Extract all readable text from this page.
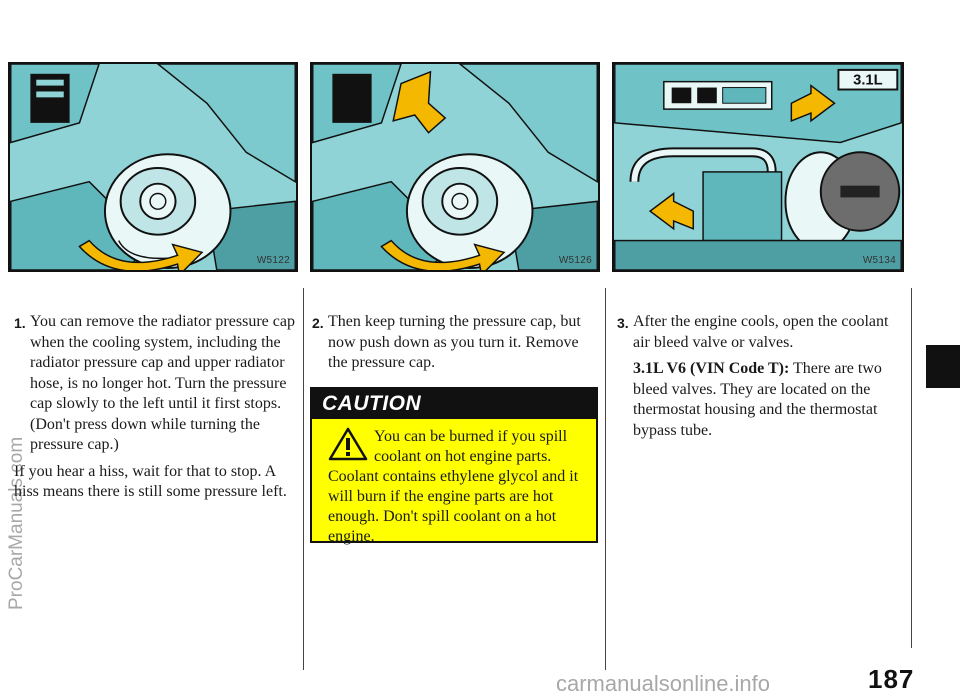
W5122	W5126
3.1L
W5134
1. You can remove the radiator pressure cap when the cooling system, including the radiator pressure cap and upper radiator hose, is no longer hot. Turn the pressure cap slowly to the left until it first stops. (Don't press down while turning the pressure cap.)

If you hear a hiss, wait for that to stop. A hiss means there is still some pressure left.

2. Then keep turning the pressure cap, but now push down as you turn it. Remove the pressure cap.
CAUTION
You can be burned if you spill coolant on hot engine parts. Coolant contains ethylene glycol and it will burn if the engine parts are hot enough. Don't spill coolant on a hot engine.
3. After the engine cools, open the coolant air bleed valve or valves.

3.1L V6 (VIN Code T): There are two bleed valves. They are located on the thermostat housing and the thermostat bypass tube.

187
ProCarManuals.com
carmanualsonline.info
